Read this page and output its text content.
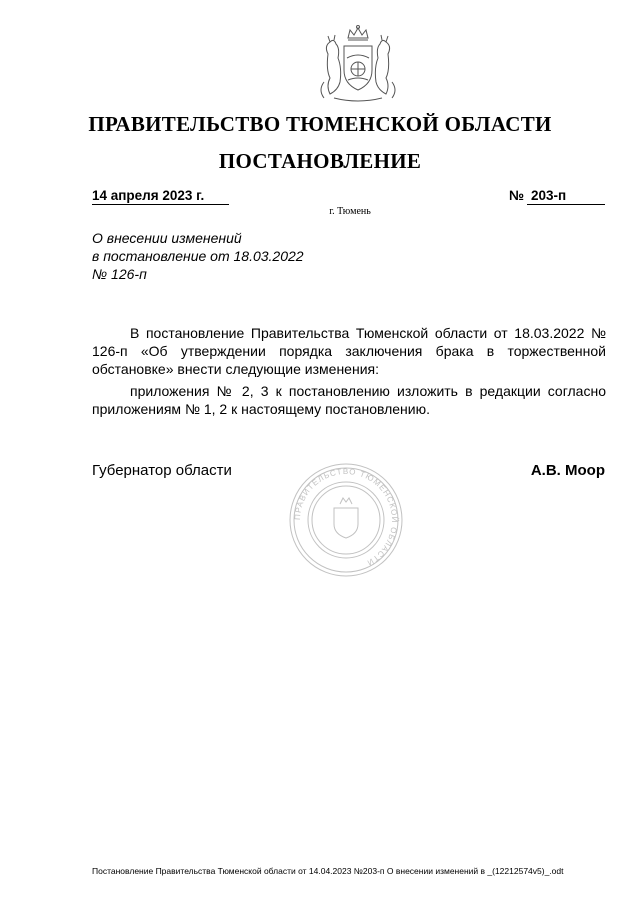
ПРАВИТЕЛЬСТВО ТЮМЕНСКОЙ ОБЛАСТИ
ПОСТАНОВЛЕНИЕ
14 апреля 2023 г.	№ 203-п
г. Тюмень
О внесении изменений
в постановление от 18.03.2022
№ 126-п

В постановление Правительства Тюменской области от 18.03.2022 № 126-п «Об утверждении порядка заключения брака в торжественной обстановке» внести следующие изменения:

приложения № 2, 3 к постановлению изложить в редакции согласно приложениям № 1, 2 к настоящему постановлению.

ПРАВИТЕЛЬСТВО ТЮМЕНСКОЙ ОБЛАСТИ
Губернатор области	А.В. Моор
Постановление Правительства Тюменской области от 14.04.2023 №203-п О внесении изменений в _(12212574v5)_.odt
